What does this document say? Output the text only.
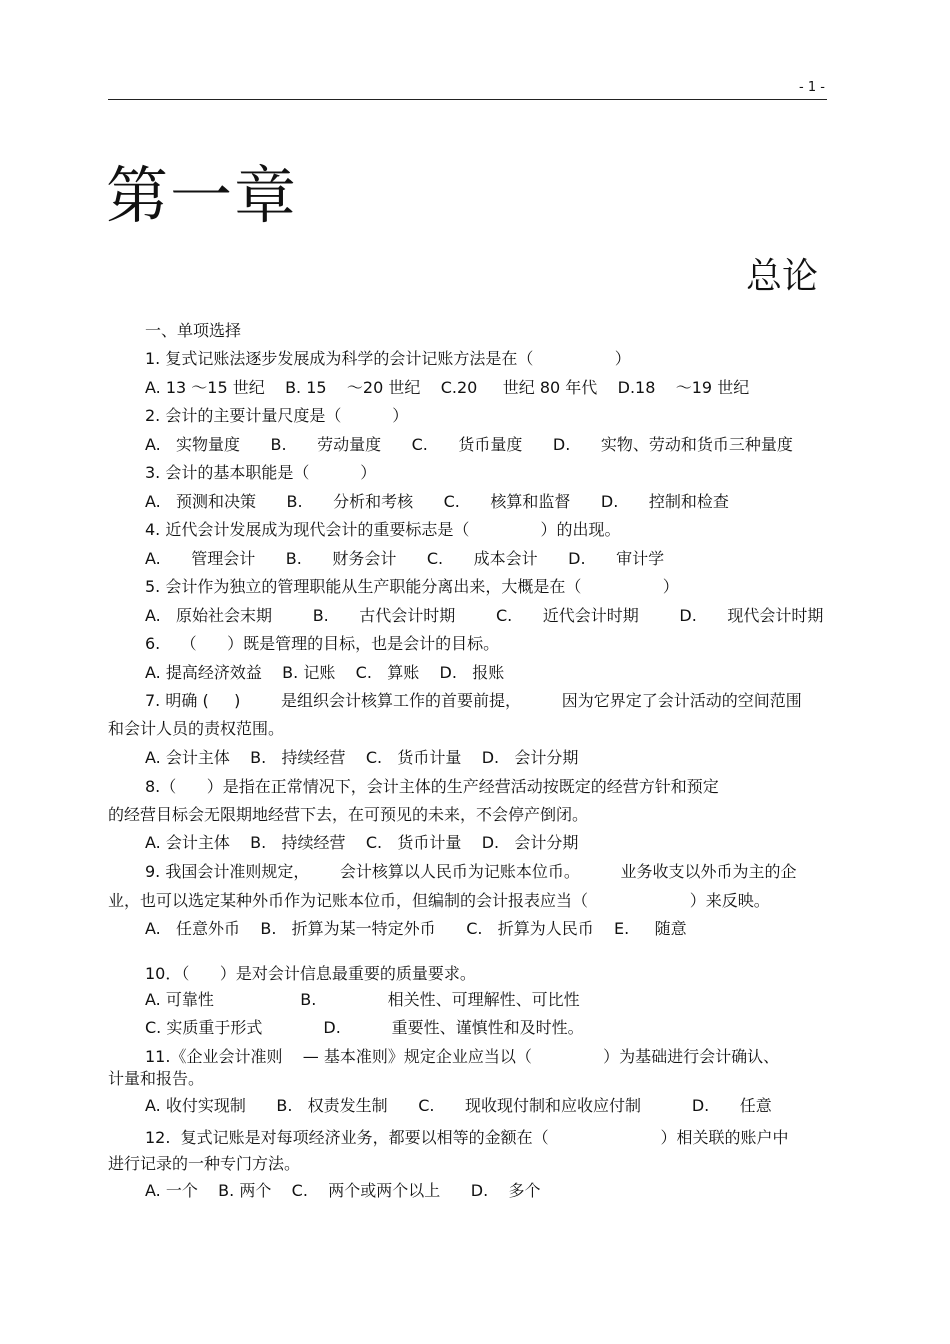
- 1 -
第一章
总论
一、单项选择
1. 复式记账法逐步发展成为科学的会计记账方法是在（                ）
A. 13 ～15 世纪    B. 15    ～20 世纪    C.20     世纪 80 年代    D.18    ～19 世纪
2. 会计的主要计量尺度是（          ）
A.   实物量度      B.      劳动量度      C.      货币量度      D.      实物、劳动和货币三种量度
3. 会计的基本职能是（          ）
A.   预测和决策      B.      分析和考核      C.      核算和监督      D.      控制和检查
4. 近代会计发展成为现代会计的重要标志是（              ）的出现。
A.      管理会计      B.      财务会计      C.      成本会计      D.      审计学
5. 会计作为独立的管理职能从生产职能分离出来，大概是在（                ）
A.   原始社会末期        B.      古代会计时期        C.      近代会计时期        D.      现代会计时期
6.    （      ）既是管理的目标，也是会计的目标。
A. 提高经济效益    B. 记账    C.   算账    D.   报账
7. 明确 (     )        是组织会计核算工作的首要前提，        因为它界定了会计活动的空间范围
和会计人员的责权范围。
A. 会计主体    B.   持续经营    C.   货币计量    D.   会计分期
8.（      ）是指在正常情况下，会计主体的生产经营活动按既定的经营方针和预定
的经营目标会无限期地经营下去，在可预见的未来，不会停产倒闭。
A. 会计主体    B.   持续经营    C.   货币计量    D.   会计分期
9. 我国会计准则规定，      会计核算以人民币为记账本位币。        业务收支以外币为主的企
业，也可以选定某种外币作为记账本位币，但编制的会计报表应当（                    ）来反映。
A.   任意外币    B.   折算为某一特定外币      C.   折算为人民币    E.     随意
10．（      ）是对会计信息最重要的质量要求。
A. 可靠性                 B.              相关性、可理解性、可比性
C. 实质重于形式            D.          重要性、谨慎性和及时性。
11.《企业会计准则    — 基本准则》规定企业应当以（              ）为基础进行会计确认、
计量和报告。
A. 收付实现制      B.   权责发生制      C.      现收现付制和应收应付制          D.      任意
12.  复式记账是对每项经济业务，都要以相等的金额在（                      ）相关联的账户中
进行记录的一种专门方法。
A. 一个    B. 两个    C.    两个或两个以上      D.    多个
